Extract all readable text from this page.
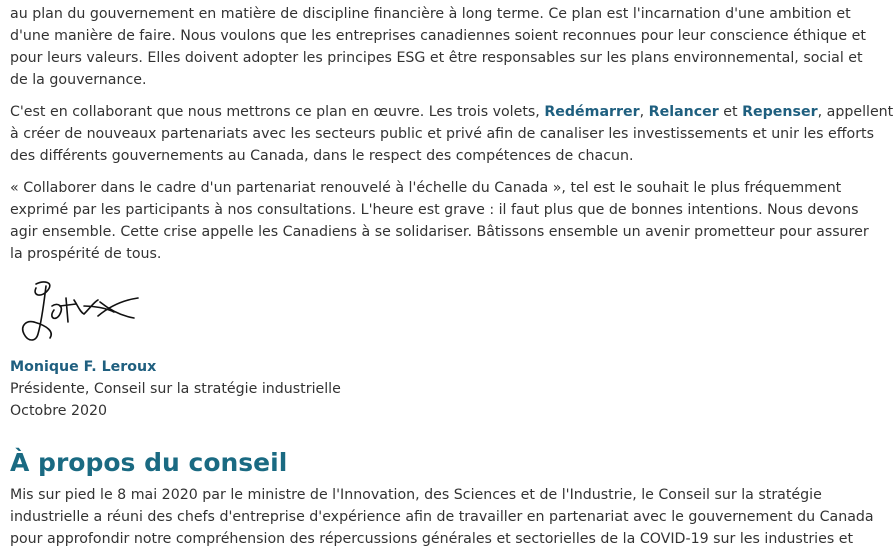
au plan du gouvernement en matière de discipline financière à long terme. Ce plan est l'incarnation d'une ambition et
d'une manière de faire. Nous voulons que les entreprises canadiennes soient reconnues pour leur conscience éthique et
pour leurs valeurs. Elles doivent adopter les principes ESG et être responsables sur les plans environnemental, social et
de la gouvernance.

C'est en collaborant que nous mettrons ce plan en œuvre. Les trois volets, Redémarrer, Relancer et Repenser, appellent
à créer de nouveaux partenariats avec les secteurs public et privé afin de canaliser les investissements et unir les efforts
des différents gouvernements au Canada, dans le respect des compétences de chacun.

« Collaborer dans le cadre d'un partenariat renouvelé à l'échelle du Canada », tel est le souhait le plus fréquemment
exprimé par les participants à nos consultations. L'heure est grave : il faut plus que de bonnes intentions. Nous devons
agir ensemble. Cette crise appelle les Canadiens à se solidariser. Bâtissons ensemble un avenir prometteur pour assurer
la prospérité de tous.

Monique F. Leroux
Présidente, Conseil sur la stratégie industrielle
Octobre 2020
À propos du conseil

Mis sur pied le 8 mai 2020 par le ministre de l'Innovation, des Sciences et de l'Industrie, le Conseil sur la stratégie
industrielle a réuni des chefs d'entreprise d'expérience afin de travailler en partenariat avec le gouvernement du Canada
pour approfondir notre compréhension des répercussions générales et sectorielles de la COVID-19 sur les industries et
